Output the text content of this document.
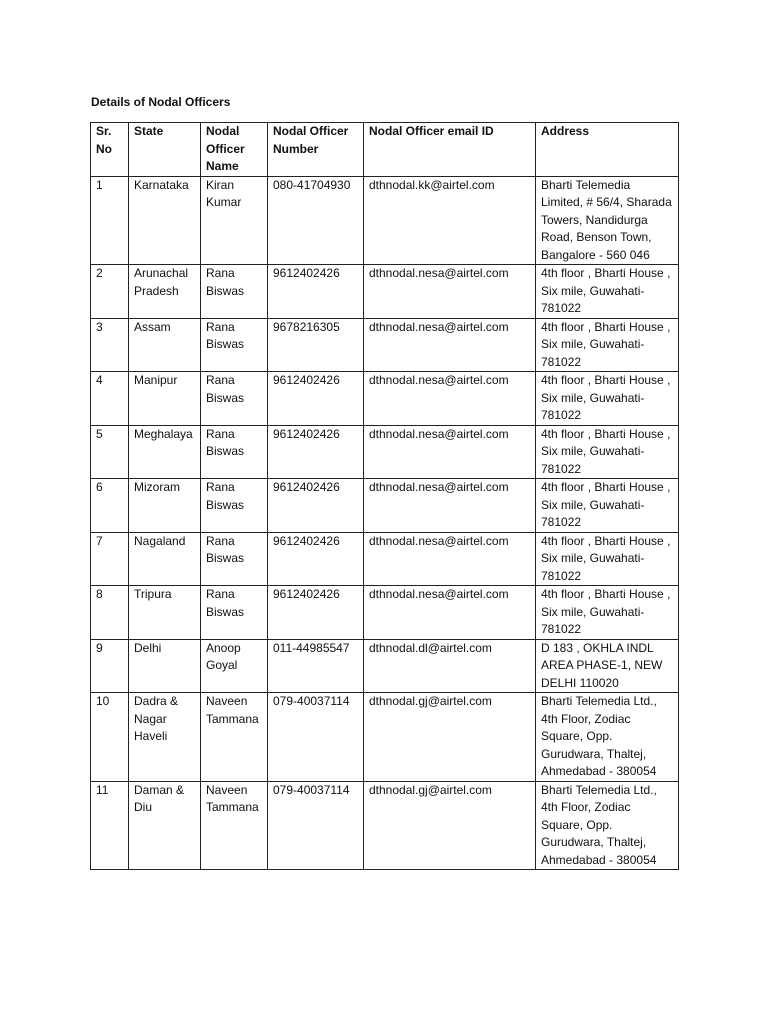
Details of Nodal Officers
Sr. No	State	Nodal Officer Name	Nodal Officer Number	Nodal Officer email ID	Address
1	Karnataka	Kiran Kumar	080-41704930	dthnodal.kk@airtel.com	Bharti Telemedia Limited, # 56/4, Sharada Towers, Nandidurga Road, Benson Town, Bangalore - 560 046
2	Arunachal Pradesh	Rana Biswas	9612402426	dthnodal.nesa@airtel.com	4th floor , Bharti House , Six mile, Guwahati-781022
3	Assam	Rana Biswas	9678216305	dthnodal.nesa@airtel.com	4th floor , Bharti House , Six mile, Guwahati-781022
4	Manipur	Rana Biswas	9612402426	dthnodal.nesa@airtel.com	4th floor , Bharti House , Six mile, Guwahati-781022
5	Meghalaya	Rana Biswas	9612402426	dthnodal.nesa@airtel.com	4th floor , Bharti House , Six mile, Guwahati-781022
6	Mizoram	Rana Biswas	9612402426	dthnodal.nesa@airtel.com	4th floor , Bharti House , Six mile, Guwahati-781022
7	Nagaland	Rana Biswas	9612402426	dthnodal.nesa@airtel.com	4th floor , Bharti House , Six mile, Guwahati-781022
8	Tripura	Rana Biswas	9612402426	dthnodal.nesa@airtel.com	4th floor , Bharti House , Six mile, Guwahati-781022
9	Delhi	Anoop Goyal	011-44985547	dthnodal.dl@airtel.com	D 183 , OKHLA INDL AREA PHASE-1, NEW DELHI 110020
10	Dadra & Nagar Haveli	Naveen Tammana	079-40037114	dthnodal.gj@airtel.com	Bharti Telemedia Ltd., 4th Floor, Zodiac Square, Opp. Gurudwara, Thaltej, Ahmedabad - 380054
11	Daman & Diu	Naveen Tammana	079-40037114	dthnodal.gj@airtel.com	Bharti Telemedia Ltd., 4th Floor, Zodiac Square, Opp. Gurudwara, Thaltej, Ahmedabad - 380054
